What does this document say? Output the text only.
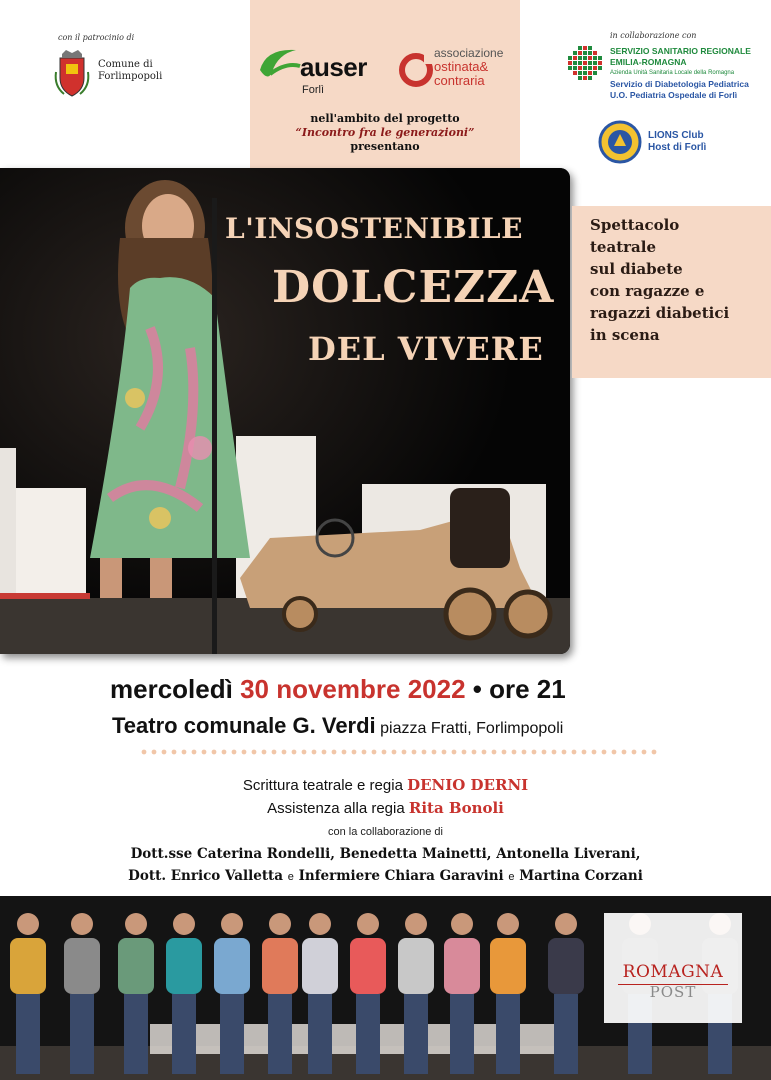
con il patrocinio di
Comune di
Forlimpopoli	auser
Forlì
associazione
ostinata&
contraria
nell'ambito del progetto
“Incontro fra le generazioni”
presentano
in collaborazione con
SERVIZIO SANITARIO REGIONALE
EMILIA-ROMAGNA
Azienda Unità Sanitaria Locale della Romagna
Servizio di Diabetologia Pediatrica
U.O. Pediatria Ospedale di Forlì
LIONS Club
Host di Forlì
L'INSOSTENIBILE
DOLCEZZA
DEL VIVERE
Spettacolo
teatrale
sul diabete
con ragazze e
ragazzi diabetici
in scena
mercoledì 30 novembre 2022 • ore 21
Teatro comunale G. Verdi piazza Fratti, Forlimpopoli
Scrittura teatrale e regia DENIO DERNI
Assistenza alla regia Rita Bonoli
con la collaborazione di
Dott.sse Caterina Rondelli, Benedetta Mainetti, Antonella Liverani,
Dott. Enrico Valletta e Infermiere Chiara Garavini e Martina Corzani
ROMAGNA
POST
